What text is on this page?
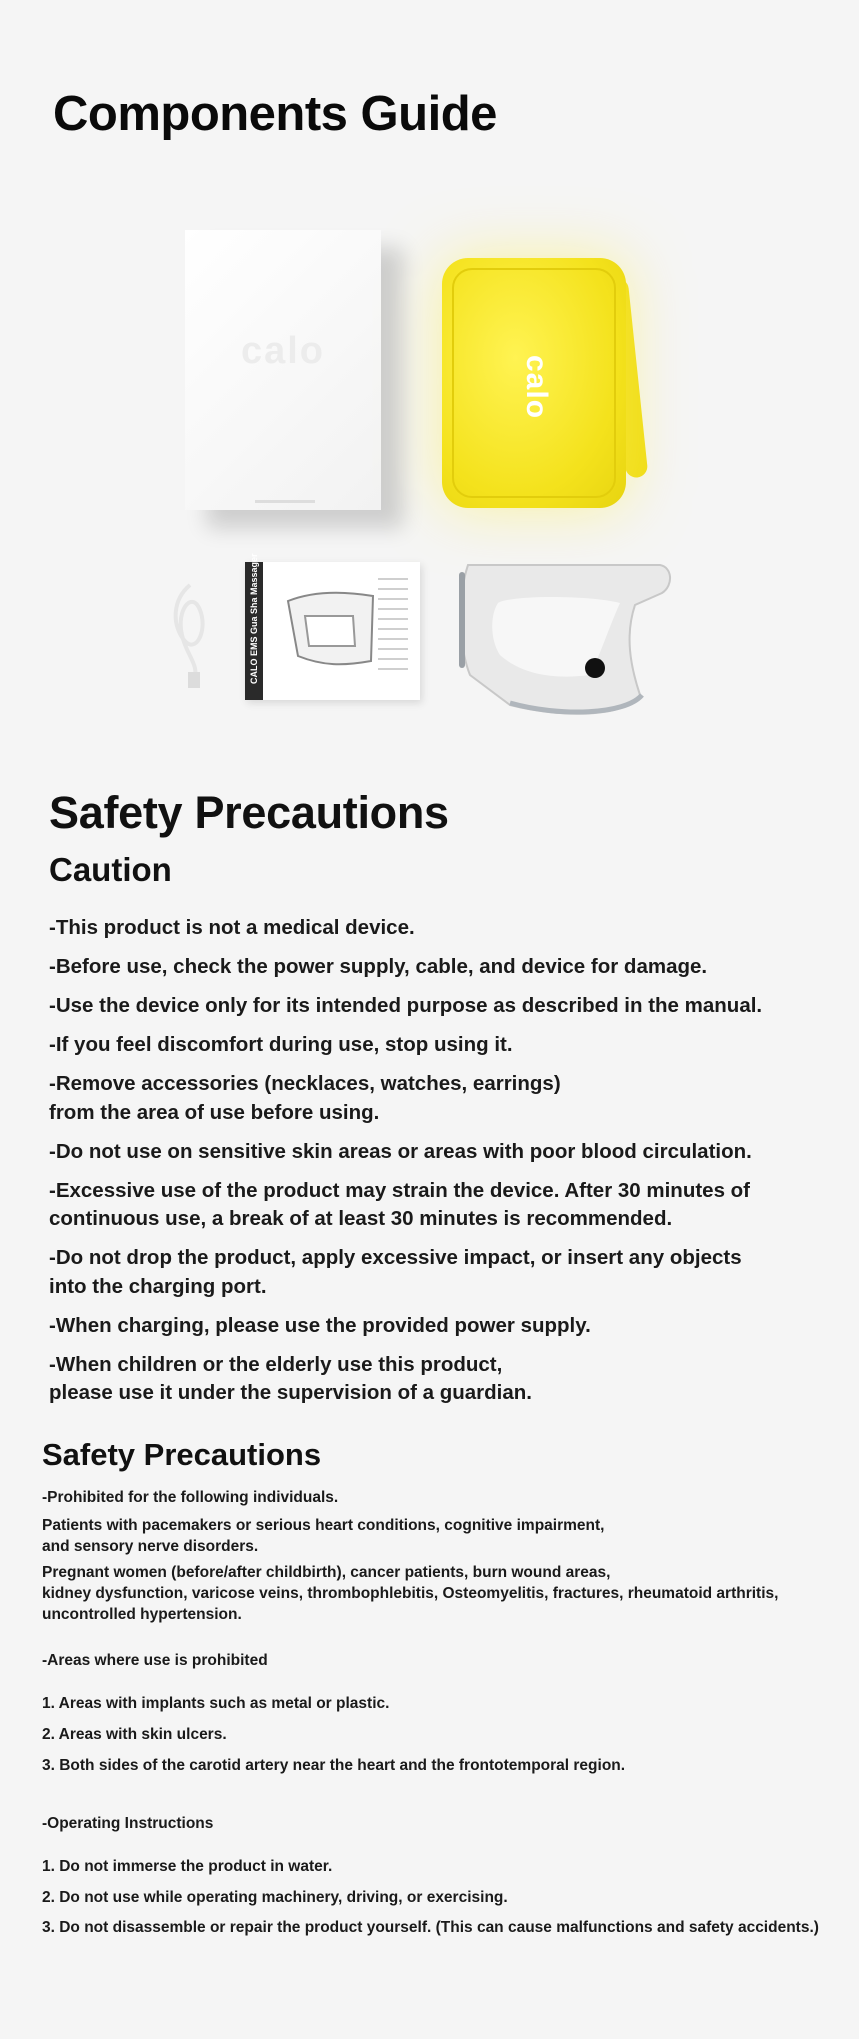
Components Guide
calo
calo
CALO EMS Gua Sha Massager
Safety Precautions
Caution

-This product is not a medical device.

-Before use, check the power supply, cable, and device for damage.

-Use the device only for its intended purpose as described in the manual.

-If you feel discomfort during use, stop using it.

-Remove accessories (necklaces, watches, earrings)
from the area of use before using.

-Do not use on sensitive skin areas or areas with poor blood circulation.

-Excessive use of the product may strain the device. After 30 minutes of
continuous use, a break of at least 30 minutes is recommended.

-Do not drop the product, apply excessive impact, or insert any objects
into the charging port.

-When charging, please use the provided power supply.

-When children or the elderly use this product,
please use it under the supervision of a guardian.

Safety Precautions

-Prohibited for the following individuals.

Patients with pacemakers or serious heart conditions, cognitive impairment,
and sensory nerve disorders.

Pregnant women (before/after childbirth), cancer patients, burn wound areas,
kidney dysfunction, varicose veins, thrombophlebitis, Osteomyelitis, fractures, rheumatoid arthritis,
uncontrolled hypertension.

-Areas where use is prohibited

1. Areas with implants such as metal or plastic.

2. Areas with skin ulcers.

3. Both sides of the carotid artery near the heart and the frontotemporal region.

-Operating Instructions

1. Do not immerse the product in water.

2. Do not use while operating machinery, driving, or exercising.

3. Do not disassemble or repair the product yourself. (This can cause malfunctions and safety accidents.)
